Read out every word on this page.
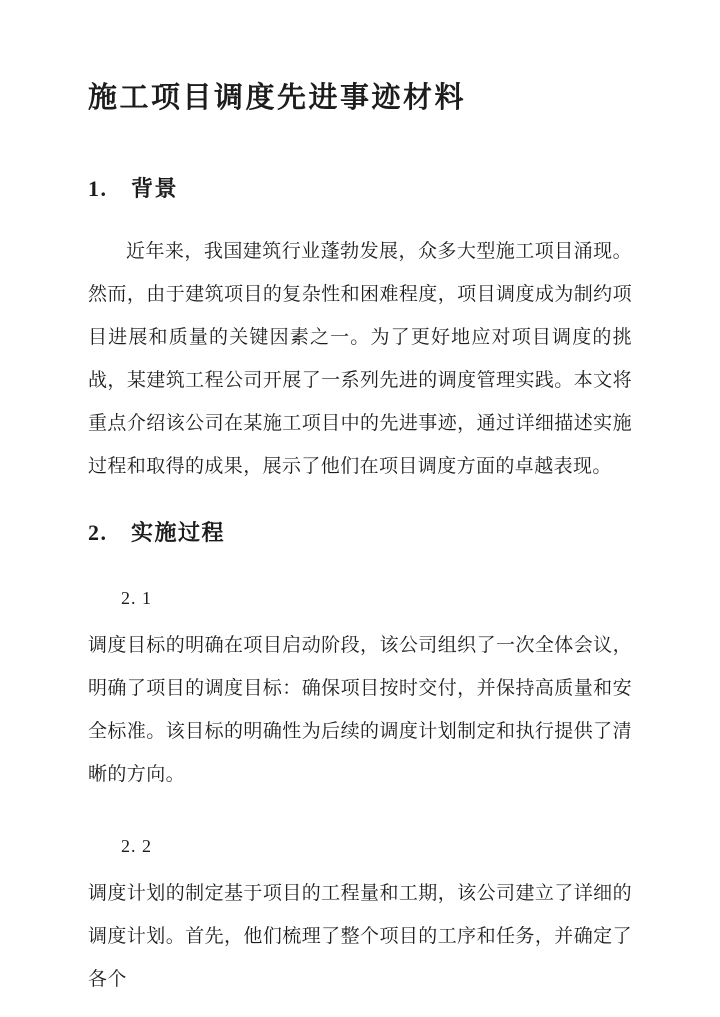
施工项目调度先进事迹材料
1.　背景

近年来，我国建筑行业蓬勃发展，众多大型施工项目涌现。然而，由于建筑项目的复杂性和困难程度，项目调度成为制约项目进展和质量的关键因素之一。为了更好地应对项目调度的挑战，某建筑工程公司开展了一系列先进的调度管理实践。本文将重点介绍该公司在某施工项目中的先进事迹，通过详细描述实施过程和取得的成果，展示了他们在项目调度方面的卓越表现。

2.　实施过程
2. 1

调度目标的明确在项目启动阶段，该公司组织了一次全体会议，明确了项目的调度目标：确保项目按时交付，并保持高质量和安全标准。该目标的明确性为后续的调度计划制定和执行提供了清晰的方向。

2. 2

调度计划的制定基于项目的工程量和工期，该公司建立了详细的调度计划。首先，他们梳理了整个项目的工序和任务，并确定了各个
